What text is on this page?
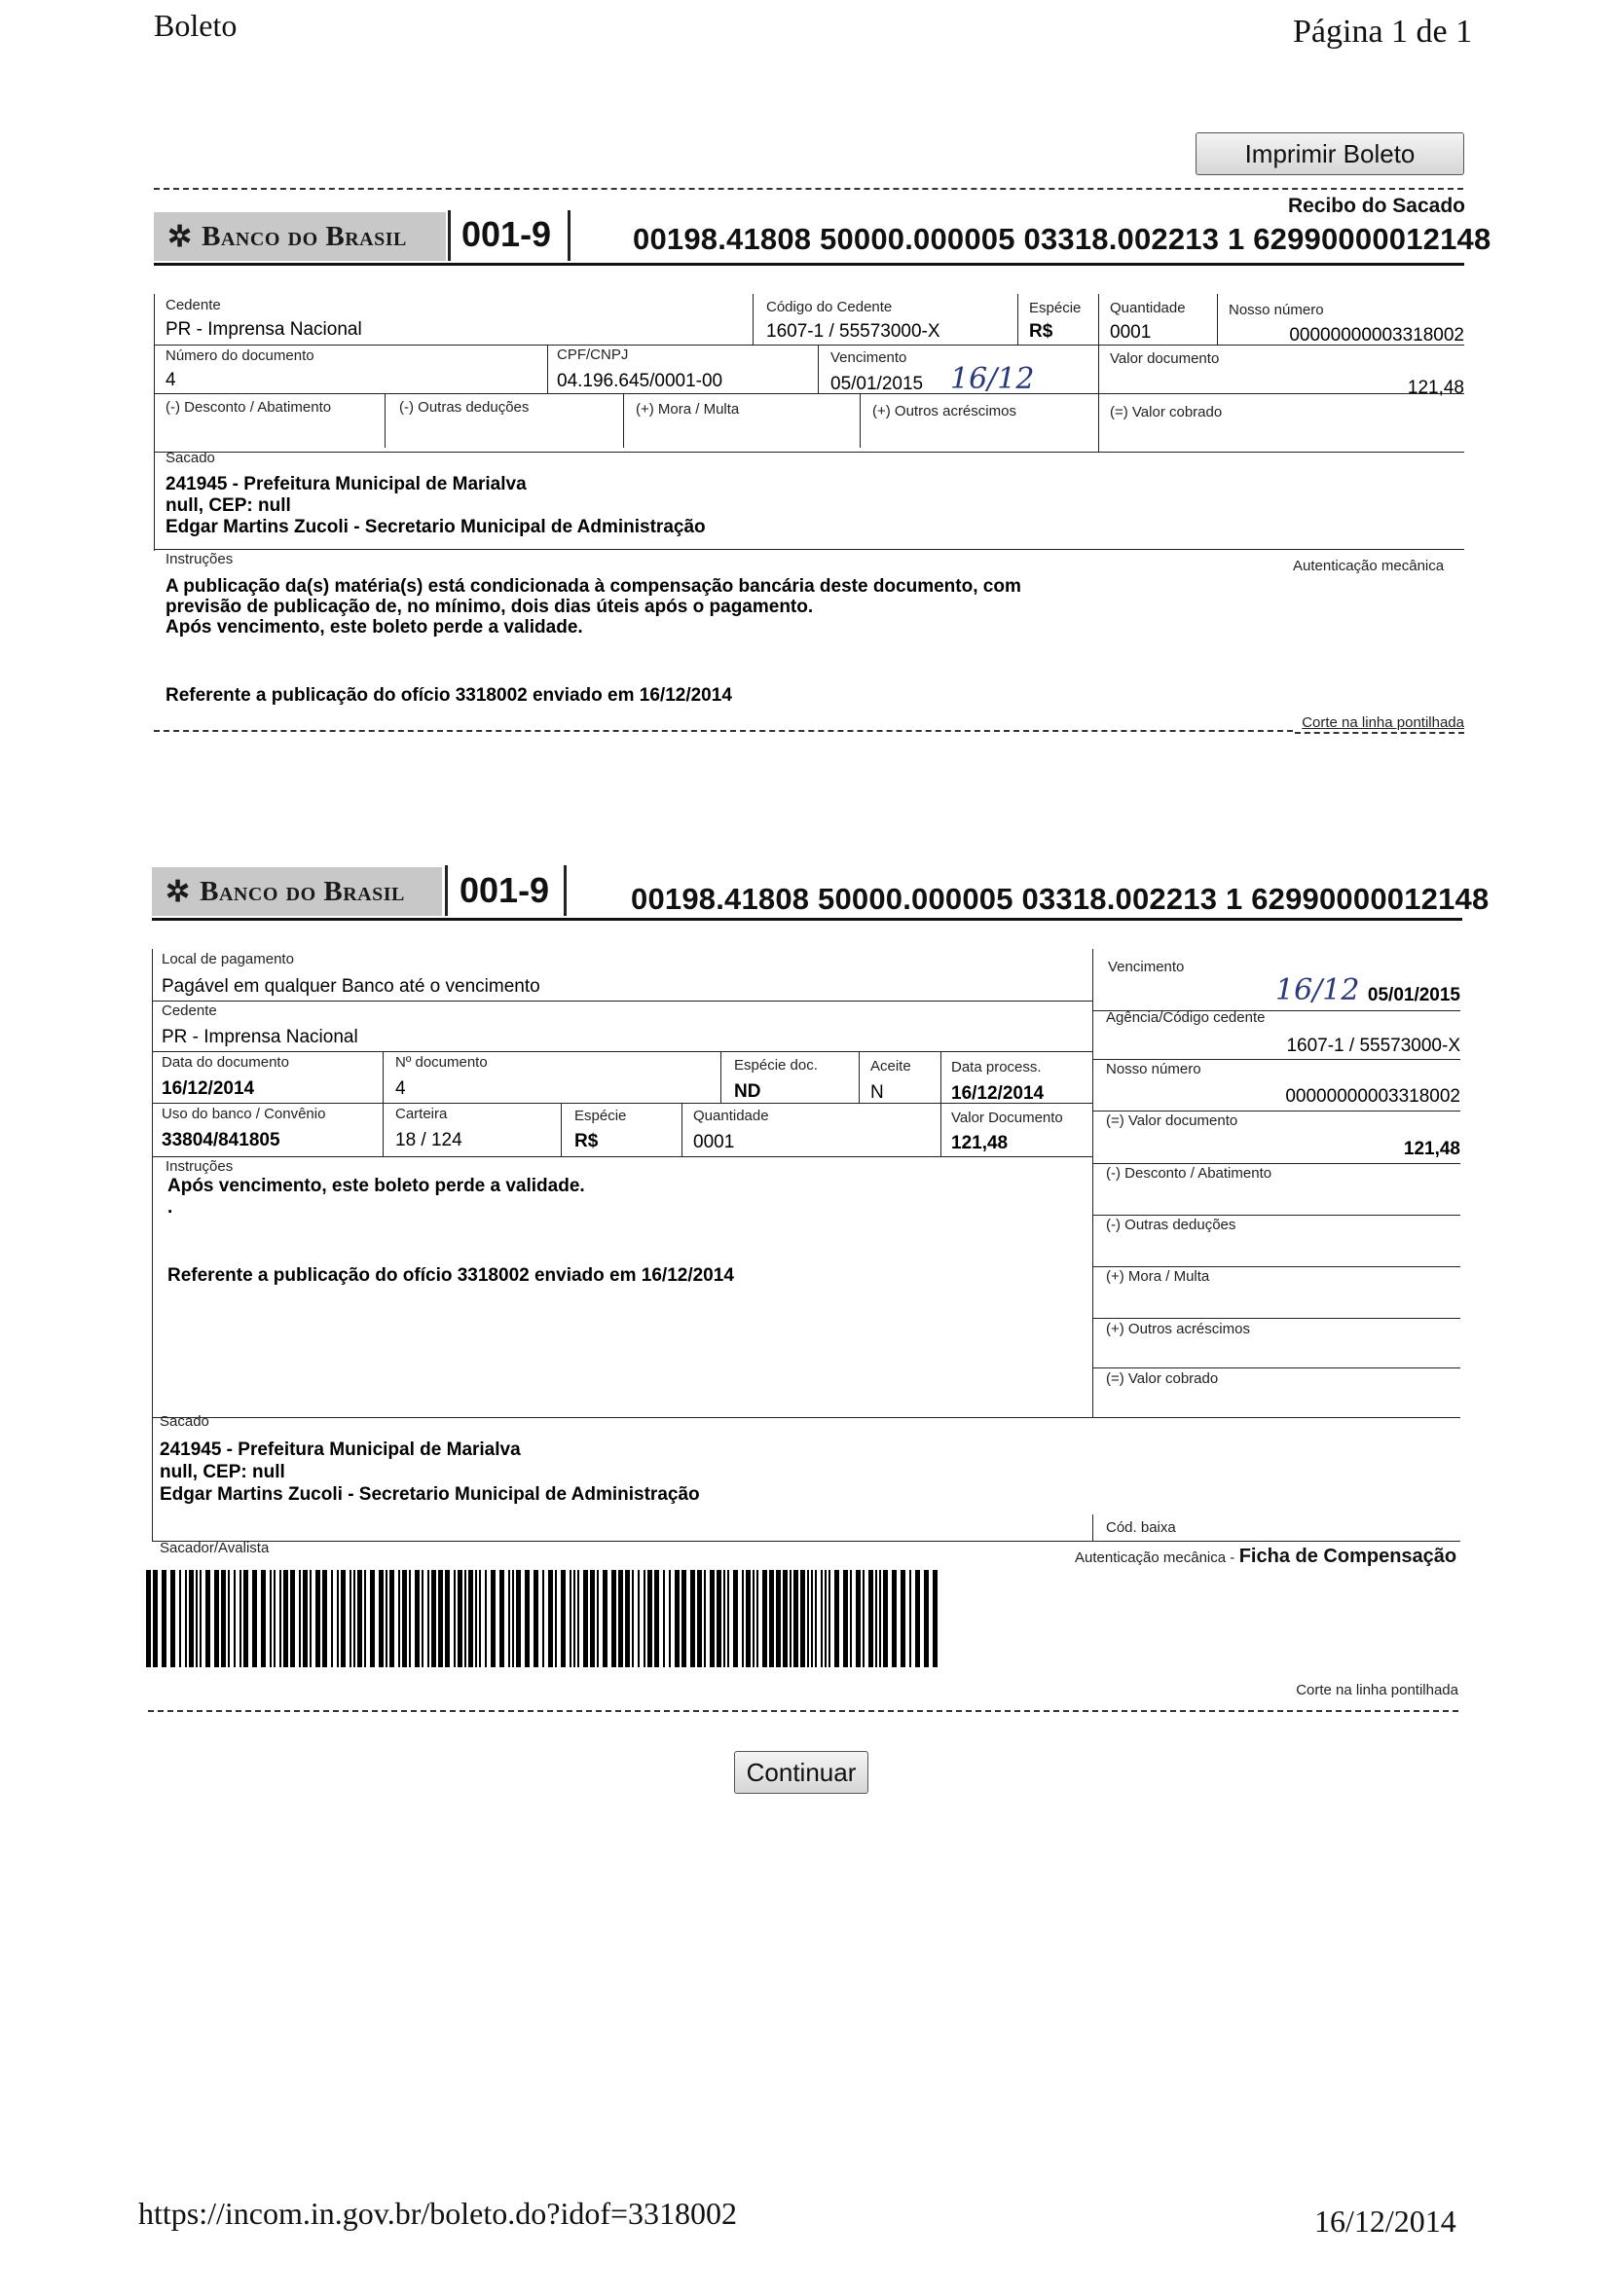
Boleto	Página 1 de 1
Imprimir Boleto
Recibo do Sacado
✲ Banco do Brasil 001-9	00198.41808 50000.000005 03318.002213 1 62990000012148
Cedente
PR - Imprensa Nacional
Código do Cedente
1607-1 / 55573000-X
Espécie
R$
Quantidade
0001
Nosso número
00000000003318002
Número do documento
4
CPF/CNPJ
04.196.645/0001-00
Vencimento
05/01/2015 16/12
Valor documento
121,48
(-) Desconto / Abatimento	(-) Outras deduções	(+) Mora / Multa	(+) Outros acréscimos	(=) Valor cobrado
Sacado
241945 - Prefeitura Municipal de Marialva
null, CEP: null
Edgar Martins Zucoli - Secretario Municipal de Administração
Instruções	Autenticação mecânica
A publicação da(s) matéria(s) está condicionada à compensação bancária deste documento, com
previsão de publicação de, no mínimo, dois dias úteis após o pagamento.
Após vencimento, este boleto perde a validade.
Referente a publicação do ofício 3318002 enviado em 16/12/2014
Corte na linha pontilhada
✲ Banco do Brasil 001-9	00198.41808 50000.000005 03318.002213 1 62990000012148
Local de pagamento
Pagável em qualquer Banco até o vencimento
Vencimento
16/12 05/01/2015
Cedente
PR - Imprensa Nacional
Agência/Código cedente
1607-1 / 55573000-X
Data do documento
16/12/2014
Nº documento
4
Espécie doc.
ND
Aceite
N
Data process.
16/12/2014
Nosso número
00000000003318002
Uso do banco / Convênio
33804/841805
Carteira
18 / 124
Espécie
R$
Quantidade
0001
Valor Documento
121,48
(=) Valor documento
121,48
Instruções
Após vencimento, este boleto perde a validade.
.
Referente a publicação do ofício 3318002 enviado em 16/12/2014
(-) Desconto / Abatimento
(-) Outras deduções
(+) Mora / Multa
(+) Outros acréscimos
(=) Valor cobrado
Sacado
241945 - Prefeitura Municipal de Marialva
null, CEP: null
Edgar Martins Zucoli - Secretario Municipal de Administração
Cód. baixa
Sacador/Avalista
Autenticação mecânica - Ficha de Compensação
Corte na linha pontilhada
Continuar
https://incom.in.gov.br/boleto.do?idof=3318002	16/12/2014
